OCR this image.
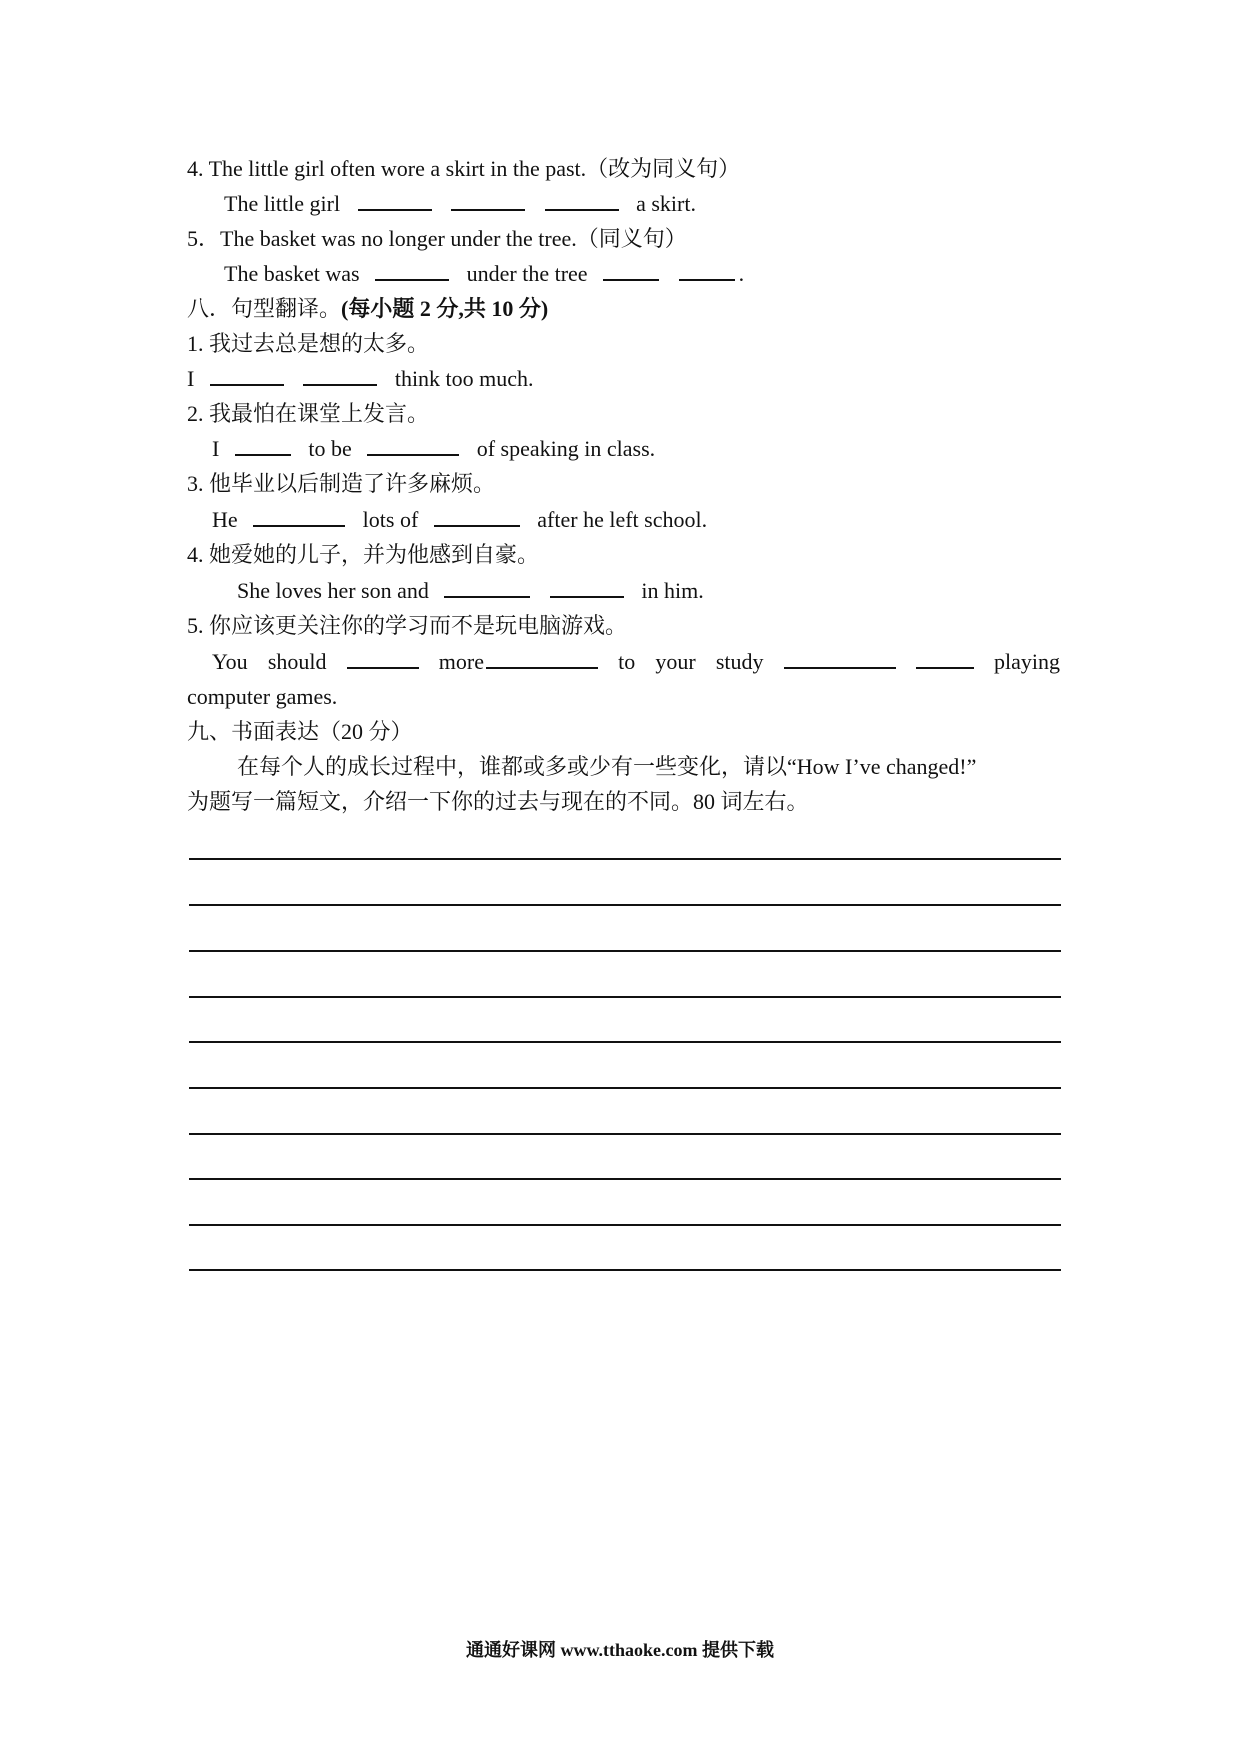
4. The little girl often wore a skirt in the past.（改为同义句）
The little girl	a skirt.
5．The basket was no longer under the tree.（同义句）
The basket was	under the tree	.
八．句型翻译。(每小题 2 分,共 10 分)
1. 我过去总是想的太多。
I	think too much.
2. 我最怕在课堂上发言。
I	to be	of speaking in class.
3. 他毕业以后制造了许多麻烦。
He	lots of	after he left school.
4. 她爱她的儿子，并为他感到自豪。
She loves her son and	in him.
5. 你应该更关注你的学习而不是玩电脑游戏。
You should	more	to your study	playing
computer games.
九、书面表达（20 分）
在每个人的成长过程中，谁都或多或少有一些变化，请以“How I’ve changed!”
为题写一篇短文，介绍一下你的过去与现在的不同。80 词左右。
通通好课网 www.tthaoke.com 提供下载
